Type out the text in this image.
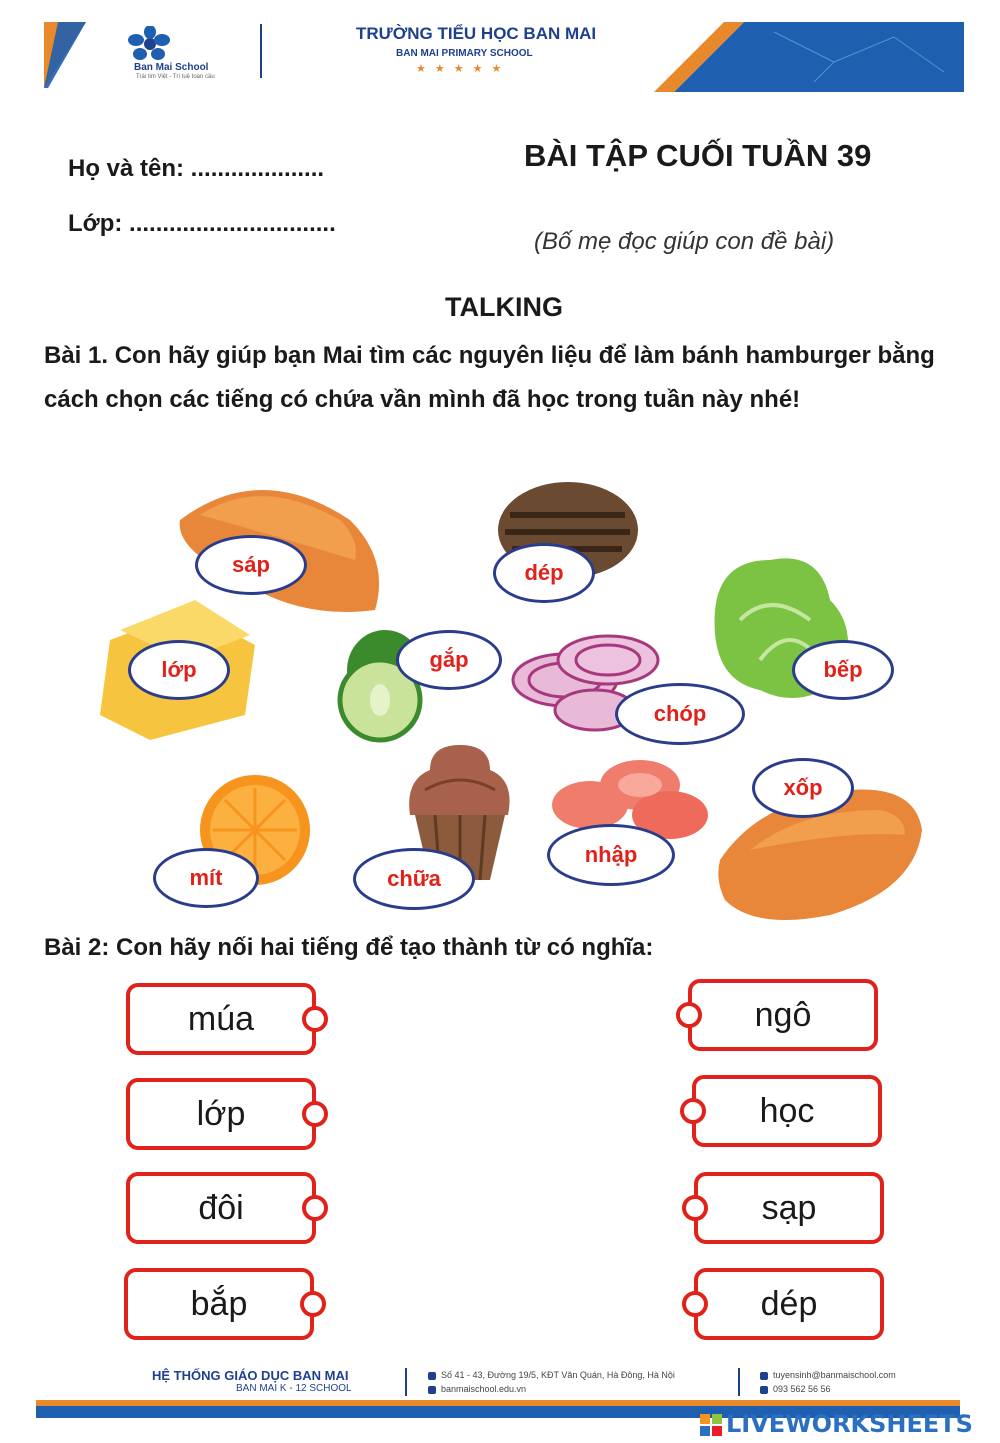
Ban Mai School
Trái tim Việt - Trí tuệ toàn cầu
TRƯỜNG TIỂU HỌC BAN MAI
BAN MAI PRIMARY SCHOOL
★★★★★
Họ và tên: ....................
Lớp: ...............................
BÀI TẬP CUỐI TUẦN 39
(Bố mẹ đọc giúp con đề bài)
TALKING
Bài 1. Con hãy giúp bạn Mai tìm các nguyên liệu để làm bánh hamburger bằng cách chọn các tiếng có chứa vần mình đã học trong tuần này nhé!
sáp	dép
lớp	gắp
chóp
bếp
mít	chữa
nhập
xốp
Bài 2: Con hãy nối hai tiếng để tạo thành từ có nghĩa:
múa
lớp
đôi
bắp
ngô
học
sạp
dép
HỆ THỐNG GIÁO DỤC BAN MAI
BAN MAI K - 12 SCHOOL
Số 41 - 43, Đường 19/5, KĐT Văn Quán, Hà Đông, Hà Nội
banmaischool.edu.vn
tuyensinh@banmaischool.com
093 562 56 56
LIVEWORKSHEETS
